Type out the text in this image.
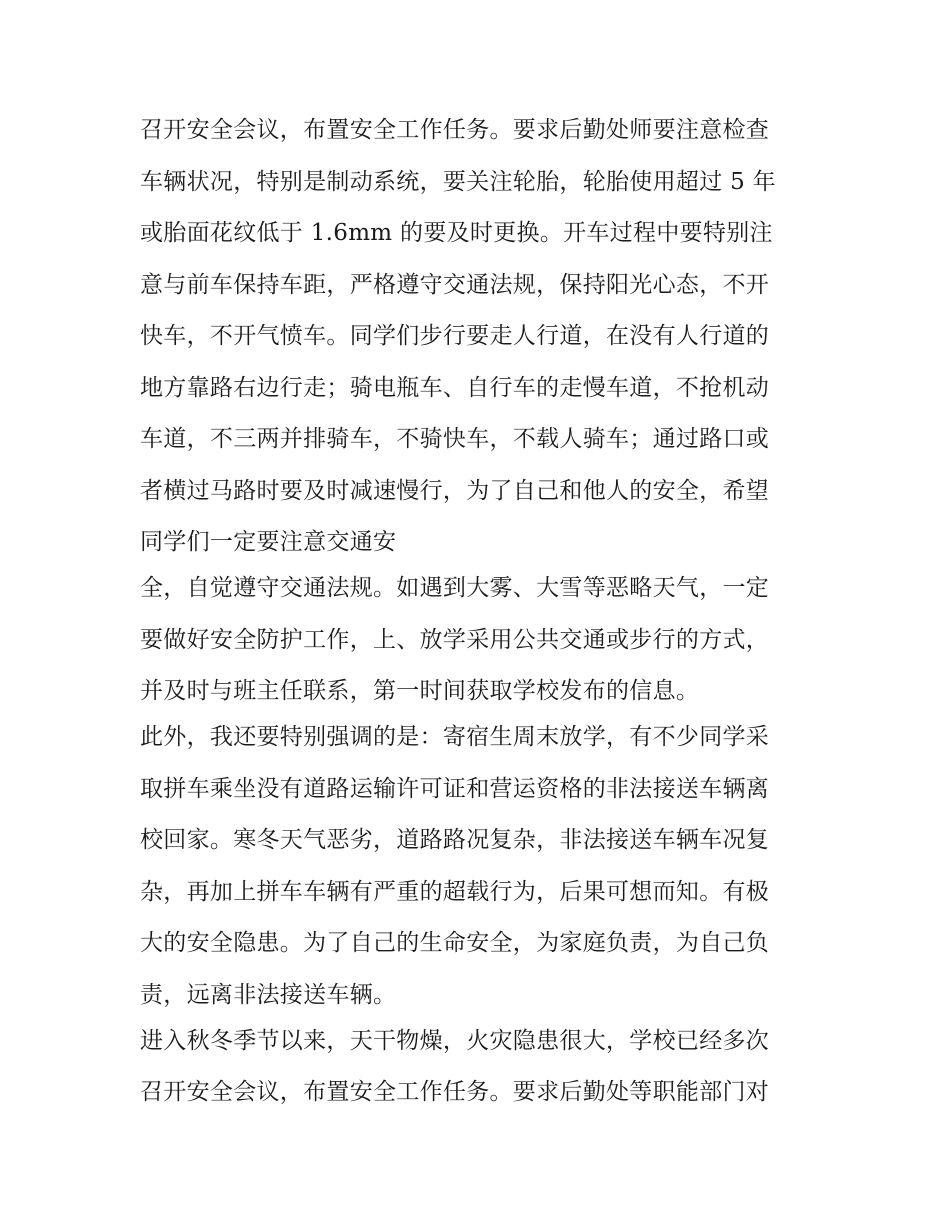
召开安全会议，布置安全工作任务。要求后勤处师要注意检查
车辆状况，特别是制动系统，要关注轮胎，轮胎使用超过 5 年
或胎面花纹低于 1.6mm 的要及时更换。开车过程中要特别注
意与前车保持车距，严格遵守交通法规，保持阳光心态，不开
快车，不开气愤车。同学们步行要走人行道，在没有人行道的
地方靠路右边行走；骑电瓶车、自行车的走慢车道，不抢机动
车道，不三两并排骑车，不骑快车，不载人骑车；通过路口或
者横过马路时要及时减速慢行，为了自己和他人的安全，希望
同学们一定要注意交通安
全，自觉遵守交通法规。如遇到大雾、大雪等恶略天气，一定
要做好安全防护工作，上、放学采用公共交通或步行的方式，
并及时与班主任联系，第一时间获取学校发布的信息。
此外，我还要特别强调的是：寄宿生周末放学，有不少同学采
取拼车乘坐没有道路运输许可证和营运资格的非法接送车辆离
校回家。寒冬天气恶劣，道路路况复杂，非法接送车辆车况复
杂，再加上拼车车辆有严重的超载行为，后果可想而知。有极
大的安全隐患。为了自己的生命安全，为家庭负责，为自己负
责，远离非法接送车辆。
进入秋冬季节以来，天干物燥，火灾隐患很大，学校已经多次
召开安全会议，布置安全工作任务。要求后勤处等职能部门对
